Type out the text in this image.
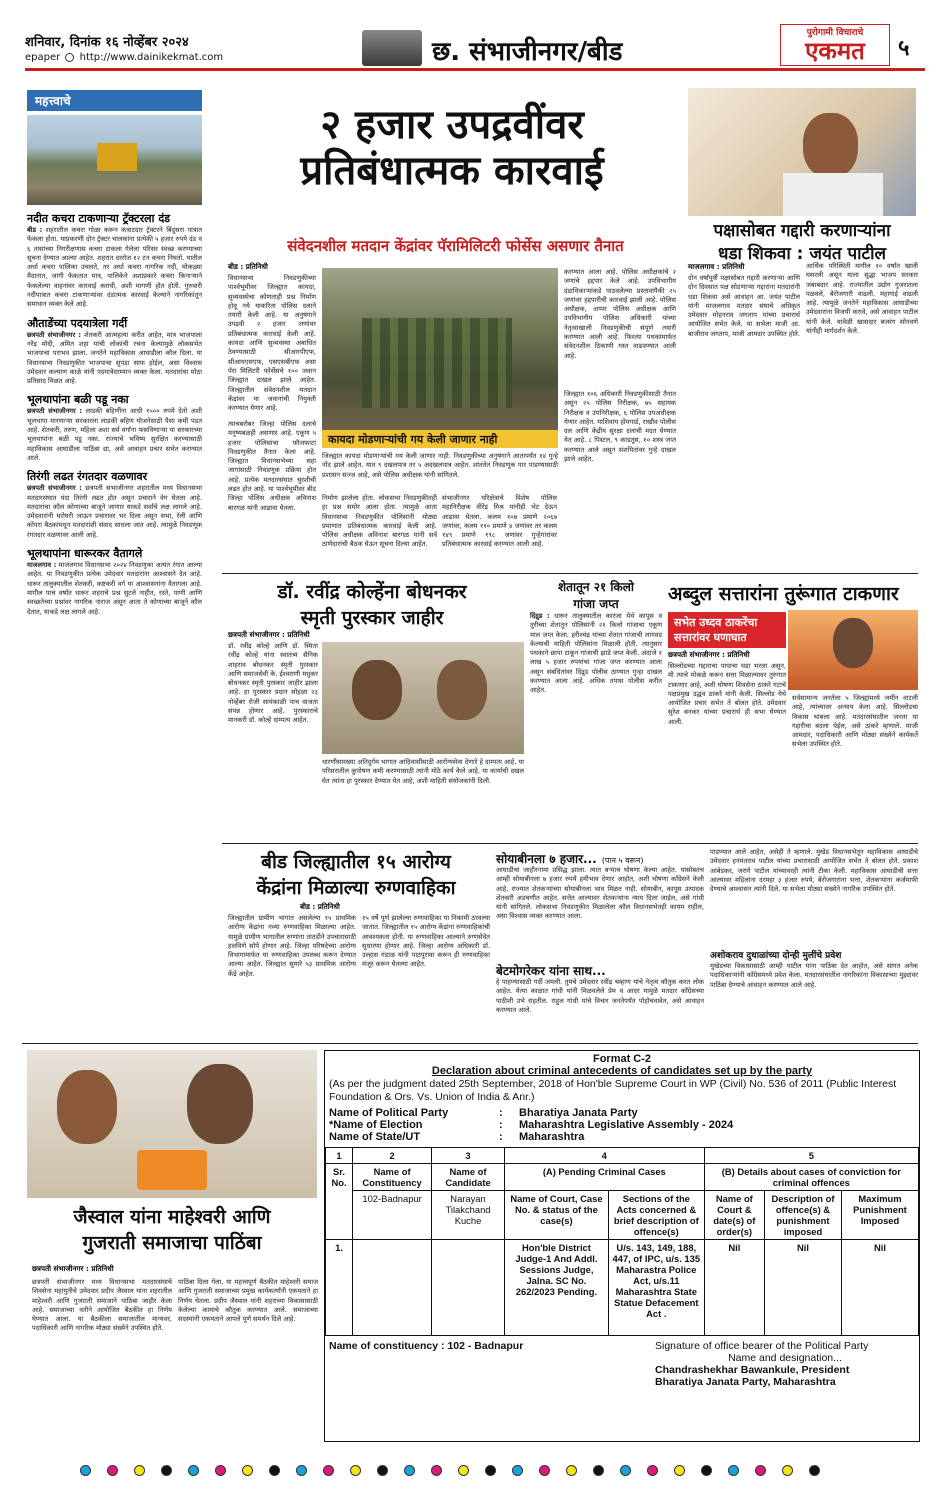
शनिवार, दिनांक १६ नोव्हेंबर २०२४
epaper http://www.dainikekmat.com	छ. संभाजीनगर/बीड
पुरोगामी विचाराचे
एकमत	५
महत्त्वाचे
नदीत कचरा टाकणाऱ्या ट्रॅक्टरला दंड
बीड : शहरातील कचरा गोळा करून कंत्राटदार ट्रॅक्टरने बिंदुसरा पात्रात फेकला होता. याप्रकरणी दोन ट्रॅक्टर चालकांना प्रत्येकी ५ हजार रुपये दंड व ६ तासांच्या निगरीक्षणास कचरा टाकला गेलेला परिसर स्वच्छ करण्याच्या सूचना देण्यात आल्या आहेत. शहरात दररोज १२ टन कचरा निघतो. यातील अर्धा कचरा पालिका उचलते, तर अर्धा कचरा नागरिक नदी, मोकळ्या मैदानात, जागी फेकतात मात्र, पालिकेने अशाप्रकारे कचरा किनाऱ्याने फेकलेल्या वाहनांवर कारवाई करावी, अशी मागणी होत होती. गुरुवारी नदीपात्रात कचरा टाकणाऱ्यांवर दंडात्मक कारवाई केल्याने नागरिकांतून समाधान व्यक्त केले आहे.
औताडेंच्या पदयात्रेला गर्दी
छत्रपती संभाजीनगर : शेतकरी आत्महत्या करीत आहेत, मात्र भाजपाला नरेंद्र मोदी, अमित शहा यांची लोकांची रचना केल्यामुळे लोकसभेत भाजपाचा पराभव झाला. जनतेने महाविकास आघाडीला कौल दिला. या विधानसभा निवडणुकीत भाजपाचा सुपडा साफ होईल, असा विश्वास उमेदवार कल्याण काळे यांनी पदयात्रेदरम्यान व्यक्त केला. मतदारांचा मोठा प्रतिसाद मिळत आहे.
भूलथापांना बळी पडू नका
छत्रपती संभाजीनगर : लाडकी बहिणींना आधी १५०० रुपये देतो अशी भूलथापा मारणाऱ्या सरकारला लाडकी बहिण योजनेसाठी पैसा कमी पडत आहे. शेतकरी, तरुण, महिला अशा सर्व वर्गांना फसविणाऱ्या या सरकारच्या भूलथापांना बळी पडू नका. राज्याचे भविष्य सुरक्षित करण्यासाठी महाविकास आघाडीला पाठिंबा द्या, असे आवाहन प्रचार सभेत करण्यात आले.
तिरंगी लढत रंगतदार वळणावर
छत्रपती संभाजीनगर : छत्रपती संभाजीनगर शहरातील मध्य विधानसभा मतदारसंघात यंदा तिरंगी लढत होत असून प्रचाराने वेग घेतला आहे. मतदारांचा कौल कोणाच्या बाजूने जाणार याकडे सर्वांचे लक्ष लागले आहे. उमेदवारांनी घरोघरी जाऊन प्रचारावर भर दिला असून सभा, रॅली आणि कोपरा बैठकांमधून मतदारांशी संवाद साधला जात आहे. त्यामुळे निवडणूक रंगतदार वळणावर आली आहे.
भूलथापांना धारूरकर वैतागले
माजलगाव : माजलगाव विधानसभा २०२४ निवडणुका अत्यंत रंगात आल्या आहेत. या निवडणुकीत प्रत्येक उमेदवार मतदारांना आश्वासने देत आहे. धारूर तालुक्यातील शेतकरी, कष्टकरी वर्ग या आश्वासनांना वैतागला आहे. मागील पाच वर्षांत धारूर शहराचे प्रश्न सुटले नाहीत, रस्ते, पाणी आणि स्वच्छतेच्या प्रश्नांवर नागरिक नाराज असून आता ते कोणाच्या बाजूने कौल देतात, याकडे लक्ष लागले आहे.
२ हजार उपद्रवींवर
प्रतिबंधात्मक कारवाई
संवेदनशील मतदान केंद्रांवर पॅरामिलिटरी फोर्सेस असणार तैनात
बीड : प्रतिनिधी
विधानसभा निवडणुकीच्या पार्श्वभूमीवर जिल्ह्यात कायदा, सुव्यवस्थेचा कोणताही प्रश्न निर्माण होवू नये याकरिता पोलिस दलाने तयारी केली आहे. या अनुषंगाने उपद्रवी २ हजार जणांवर प्रतिबंधात्मक कारवाई केली आहे. कायदा आणि सुव्यवस्था अबाधित ठेवण्यासाठी सीआरपीएफ, सीआयएसएफ, एसएसबीएफ असा पॅरा मिलिटरी फोर्सेसचे १०० जवान जिल्ह्यात दाखल झाले आहेत. जिल्ह्यातील संवेदनशील मतदान केंद्रांवर या जवानांची नियुक्ती करण्यात येणार आहे.
त्याचबरोबर जिल्हा पोलिस दलाचे मनुष्यबळही असणार आहे. एकूण ५ हजार पोलिसांचा फौजफाटा निवडणुकीत तैनात केला आहे. जिल्ह्यात विधानसभेच्या सहा जागांसाठी निवडणूक प्रक्रिया होत आहे. प्रत्येक मतदारसंघात चुरशीची लढत होत आहे. या पार्श्वभूमीवर बीड जिल्हा पोलिस अधीक्षक अविनाश बारगळ यांनी आढावा घेतला.
कायदा मोडणाऱ्यांची गय केली जाणार नाही
जिल्ह्यात कायदा मोडणाऱ्यांची गय केली जाणार नाही. निवडणुकीच्या अनुषंगाने आतापर्यंत १४ गुन्हे नोंद झाले आहेत. यात ९ दखलपात्र तर ५ अदखलपात्र आहेत. शांततेत निवडणूक पार पाडण्यासाठी प्रशासन सज्ज आहे, असे पोलिस अधीक्षक यांनी सांगितले.
करण्यात आला आहे. पोलिस अधीक्षकांचे २ जणांचे हद्दपार केले आहे. उपविभागीय दंडाधिकाऱ्यांकडे पाठवलेल्या प्रस्तावांपैकी २५ जणांवर हद्दपारीची कारवाई झाली आहे. पोलिस अधीक्षक, अप्पर पोलिस अधीक्षक आणि उपविभागीय पोलिस अधिकारी यांच्या नेतृत्वाखाली निवडणुकीची संपूर्ण तयारी करण्यात आली आहे. फिरत्या पथकांमार्फत संवेदनशील ठिकाणी गस्त वाढवण्यात आली आहे.
जिल्ह्यात १०६ अधिकारी निवडणुकीसाठी तैनात असून २५ पोलिस निरीक्षक, ७५ सहायक निरीक्षक व उपनिरीक्षक, ६ पोलिस उपअधीक्षक येणार आहेत. याशिवाय होमगार्ड, राखीव पोलीस दल आणि केंद्रीय सुरक्षा दलाची मदत घेण्यात येत आहे. ८ पिस्टल, ९ काडतूस, १० शस्त्र जप्त करण्यात आले असून संशयितांवर गुन्हे दाखल झाले आहेत.
निर्माण झालेला होता. लोकसभा निवडणुकीतही हा प्रश्न समोर आला होता. त्यामुळे आता विधानसभा निवडणुकीत पोलिसांनी मोठ्या प्रमाणात प्रतिबंधात्मक कारवाई केली आहे. पोलिस अधीक्षक अविनाश बारगळ यांनी सर्व ठाणेदारांची बैठक घेऊन सूचना दिल्या आहेत.
संभाजीनगर परिक्षेत्राचे विशेष पोलिस महानिरीक्षक वीरेंद्र मिश्र यांनीही भेट देऊन आढावा घेतला. कलम १०७ प्रमाणे २०६७ जणांवर, कलम ११० प्रमाणे ४ जणांवर तर कलम १४९ प्रमाणे १९८ जणांवर गुन्हेगारांवर प्रतिबंधात्मक कारवाई करण्यात आली आहे.
पक्षासोबत गद्दारी करणाऱ्यांना
धडा शिकवा : जयंत पाटील
माजलगाव : प्रतिनिधी
दोन वर्षांपूर्वी पक्षासोबत गद्दारी करणाऱ्या आणि दोन दिवसात पक्ष सोडणाऱ्या गद्दारांना मतदारांनी धडा शिकवा असे आवाहन आ. जयंत पाटील यांनी माजलगाव मतदार संघाचे अधिकृत उमेदवार मोहनराव जगताप यांच्या प्रचारार्थ आयोजित सभेत केले. या सभेला माजी आ. बाजीराव जगताप, माजी आमदार उपस्थित होते.
आर्थिक परिस्थिती मागील १० वर्षांत खाली घसरली असून याला सुद्धा भाजप सरकार जबाबदार आहे. राज्यातील उद्योग गुजरातला पळवले, बेरोजगारी वाढली. महागाई वाढली आहे. त्यामुळे जनतेने महाविकास आघाडीच्या उमेदवारांना विजयी करावे, असे आवाहन पाटील यांनी केले. यावेळी खासदार बजरंग सोनवणे यांनीही मार्गदर्शन केले.
डॉ. रवींद्र कोल्हेंना बोधनकर
स्मृती पुरस्कार जाहीर
छत्रपती संभाजीनगर : प्रतिनिधी
डॉ. रवींद्र कोल्हे आणि डॉ. स्मिता रवींद्र कोल्हे यांना स्वातंत्र्य सैनिक शाहराव बोधनकर स्मृती पुरस्कार आणि समाजसेवी के. ईश्वराणी मधुकर बोधनकर स्मृती पुरस्कार जाहीर झाला आहे. हा पुरस्कार प्रदान सोहळा २३ नोव्हेंबर रोजी सायंकाळी पाच वाजता संपन्न होणार आहे. पुरस्काराचे मानकरी डॉ. कोल्हे दाम्पत्य आहेत.
धारणीसारख्या अतिदुर्गम भागात आदिवासींसाठी आरोग्यसेवा देणारे हे दाम्पत्य आहे. या परिसरातील कुपोषण कमी करण्यासाठी त्यांनी मोठे कार्य केले आहे. या कार्याची दखल घेत त्यांना हा पुरस्कार देण्यात येत आहे, अशी माहिती संयोजकांनी दिली.
शेतातून २१ किलो
गांजा जप्त
दिंद्रुड : धारूर तालुक्यातील कारंजा येथे कापूस व तुरीच्या शेतातून पोलिसांनी २१ किलो गांजाचा एकूण माल जप्त केला. हरीश्चंद्र यांच्या शेतात गांजाची लागवड केल्याची माहिती पोलिसांना मिळाली होती. त्यानुसार पथकाने छापा टाकून गांजाची झाडे जप्त केली. अंदाजे १ लाख ५ हजार रुपयांचा गांजा जप्त करण्यात आला असून संबंधितांवर दिंद्रुड पोलीस ठाण्यात गुन्हा दाखल करण्यात आला आहे. अधिक तपास पोलीस करीत आहेत.
अब्दुल सत्तारांना तुरूंगात टाकणार
सभेत उध्दव ठाकरेंचा
सत्तारांवर घणाघात
छत्रपती संभाजीनगर : प्रतिनिधी
सिल्लोडच्या गद्दाराचा पापाचा घडा भरला असून, मी त्याचे मोकळे करून सत्ता मिळाल्यावर तुरुंगात टाकणार आहे, अशी घोषणा शिवसेना ठाकरे गटाचे पक्षप्रमुख उद्धव ठाकरे यांनी केली. सिल्लोड येथे आयोजित प्रचार सभेत ते बोलत होते. उमेदवार सुरेश बनकर यांच्या प्रचारार्थ ही सभा घेण्यात आली.
सर्वसामान्य जनतेला ५ जिल्ह्यांमध्ये जमीन वाटली आहे, त्यांच्यावर अन्याय केला आहे. सिल्लोडचा विकास थांबला आहे. मतदारसंघातील जनता या गद्दारीचा बदला घेईल, असे ठाकरे म्हणाले. माजी आमदार, पदाधिकारी आणि मोठ्या संख्येने कार्यकर्ते सभेला उपस्थित होते.
बीड जिल्ह्यातील १५ आरोग्य
केंद्रांना मिळाल्या रुग्णवाहिका
बीड : प्रतिनिधी
जिल्ह्यातील ग्रामीण भागात असलेल्या १५ प्राथमिक आरोग्य केंद्रांना नव्या रुग्णवाहिका मिळाल्या आहेत. यामुळे ग्रामीण भागातील रुग्णांना तातडीने उपचारासाठी हलविणे सोपे होणार आहे. जिल्हा परिषदेच्या आरोग्य विभागामार्फत या रुग्णवाहिका उपलब्ध करून देण्यात आल्या आहेत. जिल्ह्यात सुमारे ५३ प्राथमिक आरोग्य केंद्रे आहेत.
१५ वर्षे पूर्ण झालेल्या रुग्णवाहिका या निकामी ठरवल्या जातात. जिल्ह्यातील १५ आरोग्य केंद्रांना रुग्णवाहिकांची आवश्यकता होती. या रुग्णवाहिका आल्याने रुग्णसेवेत सुधारणा होणार आहे. जिल्हा आरोग्य अधिकारी डॉ. उल्हास गंडाळ यांनी पाठपुरावा करून ही रुग्णवाहिका मंजूर करून घेतल्या आहेत.
सोयाबीनला ७ हजार... (पान ५ वरून)
आघाडीचा जाहीरनामा प्रसिद्ध झाला. त्यात बऱ्याच घोषणा केल्या आहेत. यासोबतच आम्ही सोयाबीनला ७ हजार रुपये हमीभाव देणार आहोत, अशी घोषणा काँग्रेसने केली आहे. राज्यात शेतकऱ्यांच्या सोयाबीनला भाव मिळत नाही. सोयाबीन, कापूस उत्पादक शेतकरी अडचणीत आहेत. सत्तेत आल्यावर शेतकऱ्यांना न्याय दिला जाईल, असे गांधी यांनी सांगितले. लोकसभा निवडणुकीत मिळालेला कौल विधानसभेतही कायम राहील, असा विश्वास व्यक्त करण्यात आला.
बेटमोगरेकर यांना साथ...
हे पाहण्यासाठी गर्दी जमली. तुमचे उमेदवार रवींद्र चव्हाण यांचे नेतृत्व कौतुक करत लोक आहेत. येत्या काळात गांधी यांनी मिळवलेले प्रेम व आदर यामुळे मतदार काँग्रेसच्या पाठीशी उभे राहतील. राहुल गांधी यांचे विचार जनतेपर्यंत पोहोचवावेत, असे आवाहन करण्यात आले.
पाडण्यात आले आहेत, असेही ते म्हणाले. मुखेड विधानसभेतून महाविकास आघाडीचे उमेदवार हनमंतराव पाटील यांच्या प्रचारासाठी आयोजित सभेत ते बोलत होते. प्रकाश आंबेडकर, जरांगे पाटील यांच्यावरही त्यांनी टीका केली. महाविकास आघाडीची सत्ता आल्यावर महिलांना दरमहा ३ हजार रुपये, बेरोजगारांना भत्ता, शेतकऱ्यांना कर्जमाफी देण्याचे आश्वासन त्यांनी दिले. या सभेला मोठ्या संख्येने नागरिक उपस्थित होते.
अशोकराव दुधाळांच्या दोन्ही मुलींचे प्रवेश
मुखेडच्या विकासासाठी आम्ही पाटील यांना पाठिंबा देत आहोत, असे सांगत अनेक पदाधिकाऱ्यांनी काँग्रेसमध्ये प्रवेश केला. मतदारसंघातील नागरिकांना विकासाच्या मुद्द्यावर पाठिंबा देण्याचे आवाहन करण्यात आले आहे.
जैस्वाल यांना माहेश्वरी आणि
गुजराती समाजाचा पाठिंबा
छत्रपती संभाजीनगर : प्रतिनिधी
छत्रपती संभाजीनगर मध्य विधानसभा मतदारसंघाचे शिवसेना महायुतीचे उमेदवार प्रदीप जैस्वाल यांना शहरातील माहेश्वरी आणि गुजराती समाजाने पाठिंबा जाहीर केला आहे. समाजाच्या वतीने आयोजित बैठकीत हा निर्णय घेण्यात आला. या बैठकीला समाजातील मान्यवर, पदाधिकारी आणि नागरिक मोठ्या संख्येने उपस्थित होते.
पाठिंबा दिला गेला. या महत्त्वपूर्ण बैठकीत माहेश्वरी समाज आणि गुजराती समाजाच्या प्रमुख कार्यकर्त्यांनी एकमताने हा निर्णय घेतला. प्रदीप जैस्वाल यांनी शहराच्या विकासासाठी केलेल्या कामाचे कौतुक करण्यात आले. समाजाच्या सदस्यांनी एकमताने आपले पूर्ण समर्थन दिले आहे.
Format C-2
Declaration about criminal antecedents of candidates set up by the party
(As per the judgment dated 25th September, 2018 of Hon'ble Supreme Court in WP (Civil) No. 536 of 2011 (Public Interest Foundation & Ors. Vs. Union of India & Anr.)
Name of Political Party	:	Bharatiya Janata Party
*Name of Election	:	Maharashtra Legislative Assembly - 2024
Name of State/UT	:	Maharashtra
1	2	3	4		5		
Sr. No.	Name of Constituency	Name of Candidate	(A) Pending Criminal Cases		(B) Details about cases of conviction for criminal offences		
	102-Badnapur	Narayan Tilakchand Kuche	Name of Court, Case No. & status of the case(s)	Sections of the Acts concerned & brief description of offence(s)	Name of Court & date(s) of order(s)	Description of offence(s) & punishment imposed	Maximum Punishment Imposed
1.			Hon'ble District Judge-1 And Addl. Sessions Judge, Jalna. SC No. 262/2023 Pending.	U/s. 143, 149, 188, 447, of IPC, u/s. 135 Maharastra Police Act, u/s.11 Maharashtra State Statue Defacement Act .	Nil	Nil	Nil
Name of constituency : 102 - Badnapur	Signature of office bearer of the Political Party
Name and designation...
Chandrashekhar Bawankule, President
Bharatiya Janata Party, Maharashtra
